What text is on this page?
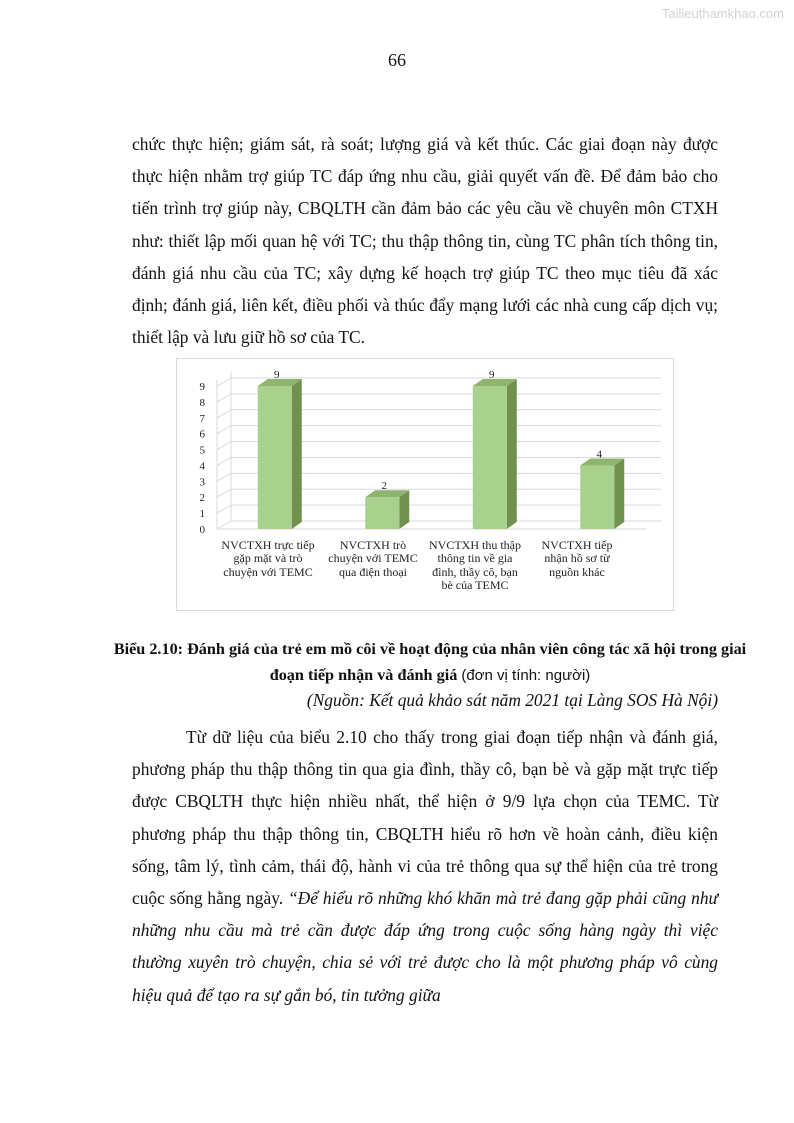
Tailieuthamkhao.com
66

chức thực hiện; giám sát, rà soát; lượng giá và kết thúc. Các giai đoạn này được thực hiện nhằm trợ giúp TC đáp ứng nhu cầu, giải quyết vấn đề. Để đảm bảo cho tiến trình trợ giúp này, CBQLTH cần đảm bảo các yêu cầu về chuyên môn CTXH như: thiết lập mối quan hệ với TC; thu thập thông tin, cùng TC phân tích thông tin, đánh giá nhu cầu của TC; xây dựng kế hoạch trợ giúp TC theo mục tiêu đã xác định; đánh giá, liên kết, điều phối và thúc đẩy mạng lưới các nhà cung cấp dịch vụ; thiết lập và lưu giữ hồ sơ của TC.

0
1
2
3
4
5
6
7
8
9
9
2
9
4
NVCTXH trực tiếp gặp mặt và trò chuyện với TEMC
NVCTXH trò chuyện với TEMC qua điện thoại
NVCTXH thu thập thông tin về gia đình, thầy cô, bạn bè của TEMC
NVCTXH tiếp nhận hồ sơ từ nguồn khác

Biểu 2.10: Đánh giá của trẻ em mồ côi về hoạt động của nhân viên công tác xã hội trong giai đoạn tiếp nhận và đánh giá (đơn vị tính: người)

(Nguồn: Kết quả khảo sát năm 2021 tại Làng SOS Hà Nội)

Từ dữ liệu của biểu 2.10 cho thấy trong giai đoạn tiếp nhận và đánh giá, phương pháp thu thập thông tin qua gia đình, thầy cô, bạn bè và gặp mặt trực tiếp được CBQLTH thực hiện nhiều nhất, thể hiện ở 9/9 lựa chọn của TEMC. Từ phương pháp thu thập thông tin, CBQLTH hiểu rõ hơn về hoàn cảnh, điều kiện sống, tâm lý, tình cảm, thái độ, hành vi của trẻ thông qua sự thể hiện của trẻ trong cuộc sống hằng ngày. “Để hiểu rõ những khó khăn mà trẻ đang gặp phải cũng như những nhu cầu mà trẻ cần được đáp ứng trong cuộc sống hàng ngày thì việc thường xuyên trò chuyện, chia sẻ với trẻ được cho là một phương pháp vô cùng hiệu quả để tạo ra sự gắn bó, tin tưởng giữa
